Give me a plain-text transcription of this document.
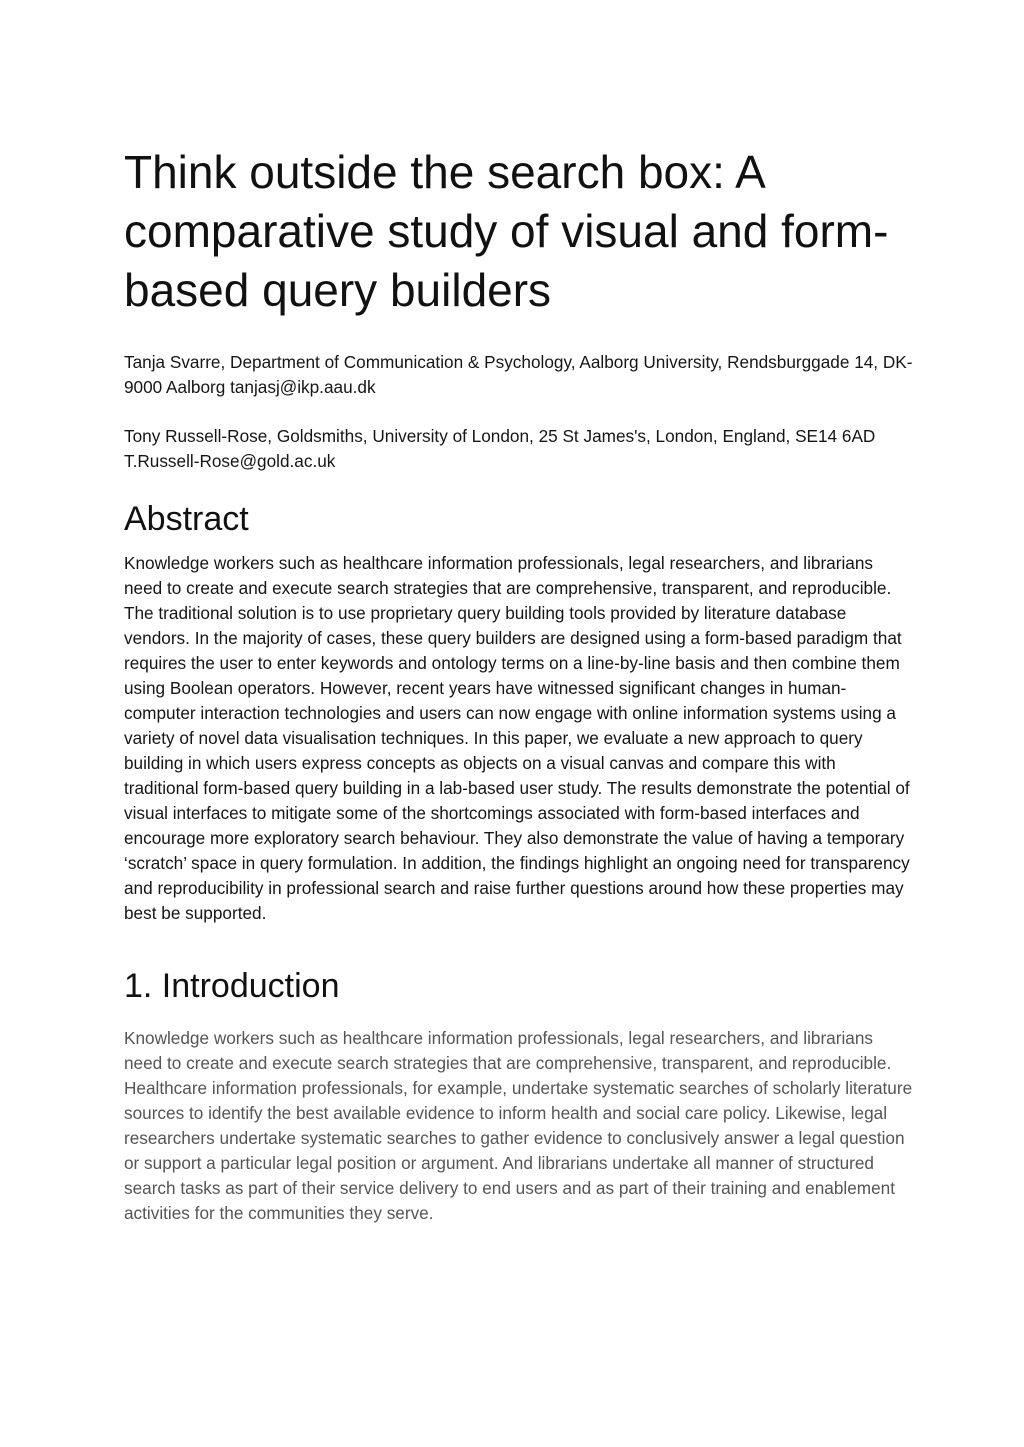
Think outside the search box: A comparative study of visual and form-based query builders

Tanja Svarre, Department of Communication & Psychology, Aalborg University, Rendsburggade 14, DK-9000 Aalborg tanjasj@ikp.aau.dk

Tony Russell-Rose, Goldsmiths, University of London, 25 St James's, London, England, SE14 6AD T.Russell-Rose@gold.ac.uk

Abstract

Knowledge workers such as healthcare information professionals, legal researchers, and librarians need to create and execute search strategies that are comprehensive, transparent, and reproducible. The traditional solution is to use proprietary query building tools provided by literature database vendors. In the majority of cases, these query builders are designed using a form-based paradigm that requires the user to enter keywords and ontology terms on a line-by-line basis and then combine them using Boolean operators. However, recent years have witnessed significant changes in human-computer interaction technologies and users can now engage with online information systems using a variety of novel data visualisation techniques. In this paper, we evaluate a new approach to query building in which users express concepts as objects on a visual canvas and compare this with traditional form-based query building in a lab-based user study. The results demonstrate the potential of visual interfaces to mitigate some of the shortcomings associated with form-based interfaces and encourage more exploratory search behaviour. They also demonstrate the value of having a temporary ‘scratch’ space in query formulation. In addition, the findings highlight an ongoing need for transparency and reproducibility in professional search and raise further questions around how these properties may best be supported.

1. Introduction

Knowledge workers such as healthcare information professionals, legal researchers, and librarians need to create and execute search strategies that are comprehensive, transparent, and reproducible. Healthcare information professionals, for example, undertake systematic searches of scholarly literature sources to identify the best available evidence to inform health and social care policy. Likewise, legal researchers undertake systematic searches to gather evidence to conclusively answer a legal question or support a particular legal position or argument. And librarians undertake all manner of structured search tasks as part of their service delivery to end users and as part of their training and enablement activities for the communities they serve.
